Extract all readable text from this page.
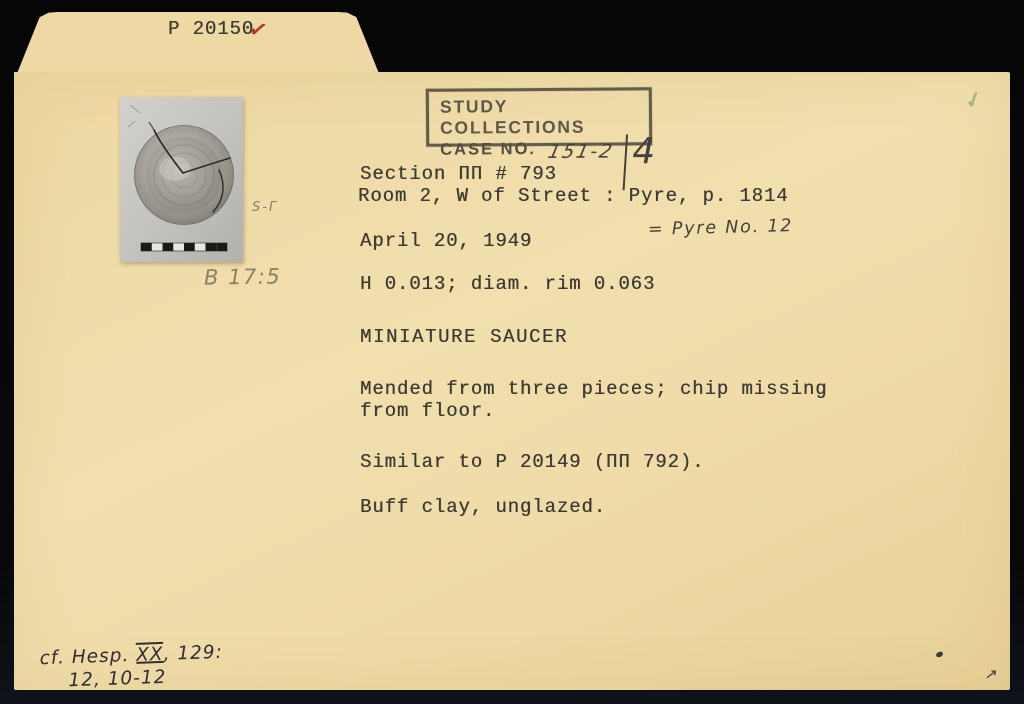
P 20150
✓
S-Γ
B 17:5
STUDY COLLECTIONS
CASE NO. 151-2 4
Section ΠΠ # 793
Room 2, W of Street : Pyre, p. 1814
April 20, 1949
= Pyre No. 12
H 0.013; diam. rim 0.063
MINIATURE SAUCER
Mended from three pieces; chip missing
from floor.
Similar to P 20149 (ΠΠ 792).
Buff clay, unglazed.
cf. Hesp. XX, 129:
12, 10-12
✓
↗
